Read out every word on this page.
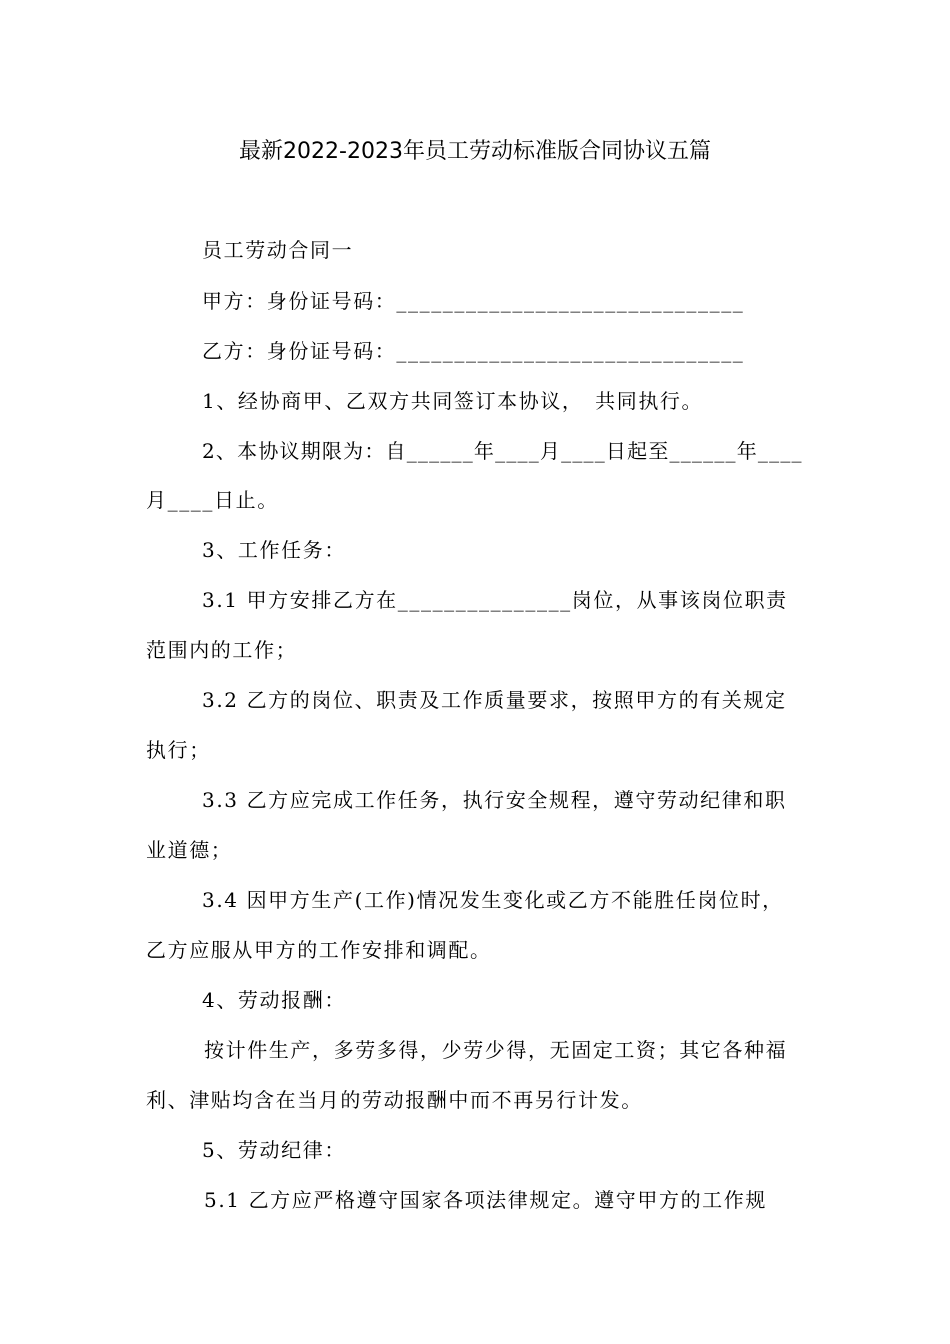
最新2022-2023年员工劳动标准版合同协议五篇
员工劳动合同一
甲方：身份证号码：______________________________
乙方：身份证号码：______________________________
1、经协商甲、乙双方共同签订本协议，　共同执行。
2、本协议期限为：自______年____月____日起至______年____
月____日止。
3、工作任务：
3.1 甲方安排乙方在_______________岗位，从事该岗位职责
范围内的工作；
3.2 乙方的岗位、职责及工作质量要求，按照甲方的有关规定
执行；
3.3 乙方应完成工作任务，执行安全规程，遵守劳动纪律和职
业道德；
3.4 因甲方生产(工作)情况发生变化或乙方不能胜任岗位时，
乙方应服从甲方的工作安排和调配。
4、劳动报酬：
按计件生产，多劳多得，少劳少得，无固定工资；其它各种福
利、津贴均含在当月的劳动报酬中而不再另行计发。
5、劳动纪律：
5.1 乙方应严格遵守国家各项法律规定。遵守甲方的工作规
